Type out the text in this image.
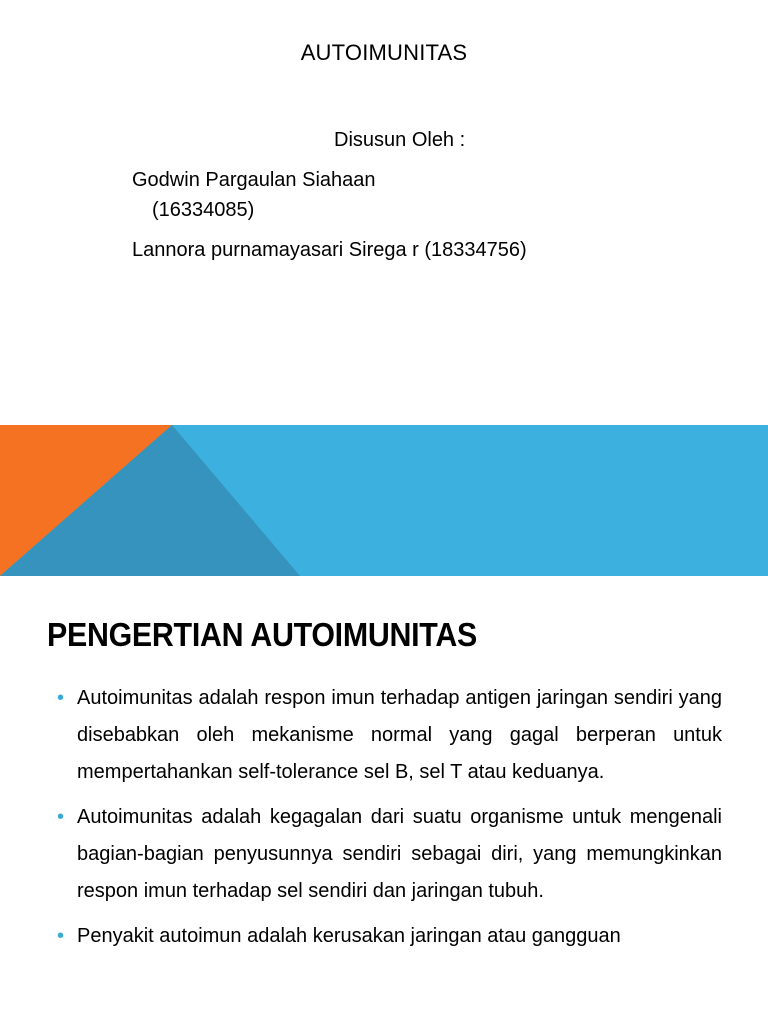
AUTOIMUNITAS
Disusun Oleh :
Godwin Pargaulan Siahaan
(16334085)
Lannora purnamayasari Sirega r (18334756)
PENGERTIAN AUTOIMUNITAS
• Autoimunitas adalah respon imun terhadap antigen jaringan sendiri yang disebabkan oleh mekanisme normal yang gagal berperan untuk mempertahankan self-tolerance sel B, sel T atau keduanya.
• Autoimunitas adalah kegagalan dari suatu organisme untuk mengenali bagian-bagian penyusunnya sendiri sebagai diri, yang memungkinkan respon imun terhadap sel sendiri dan jaringan tubuh.
• Penyakit autoimun adalah kerusakan jaringan atau gangguan
